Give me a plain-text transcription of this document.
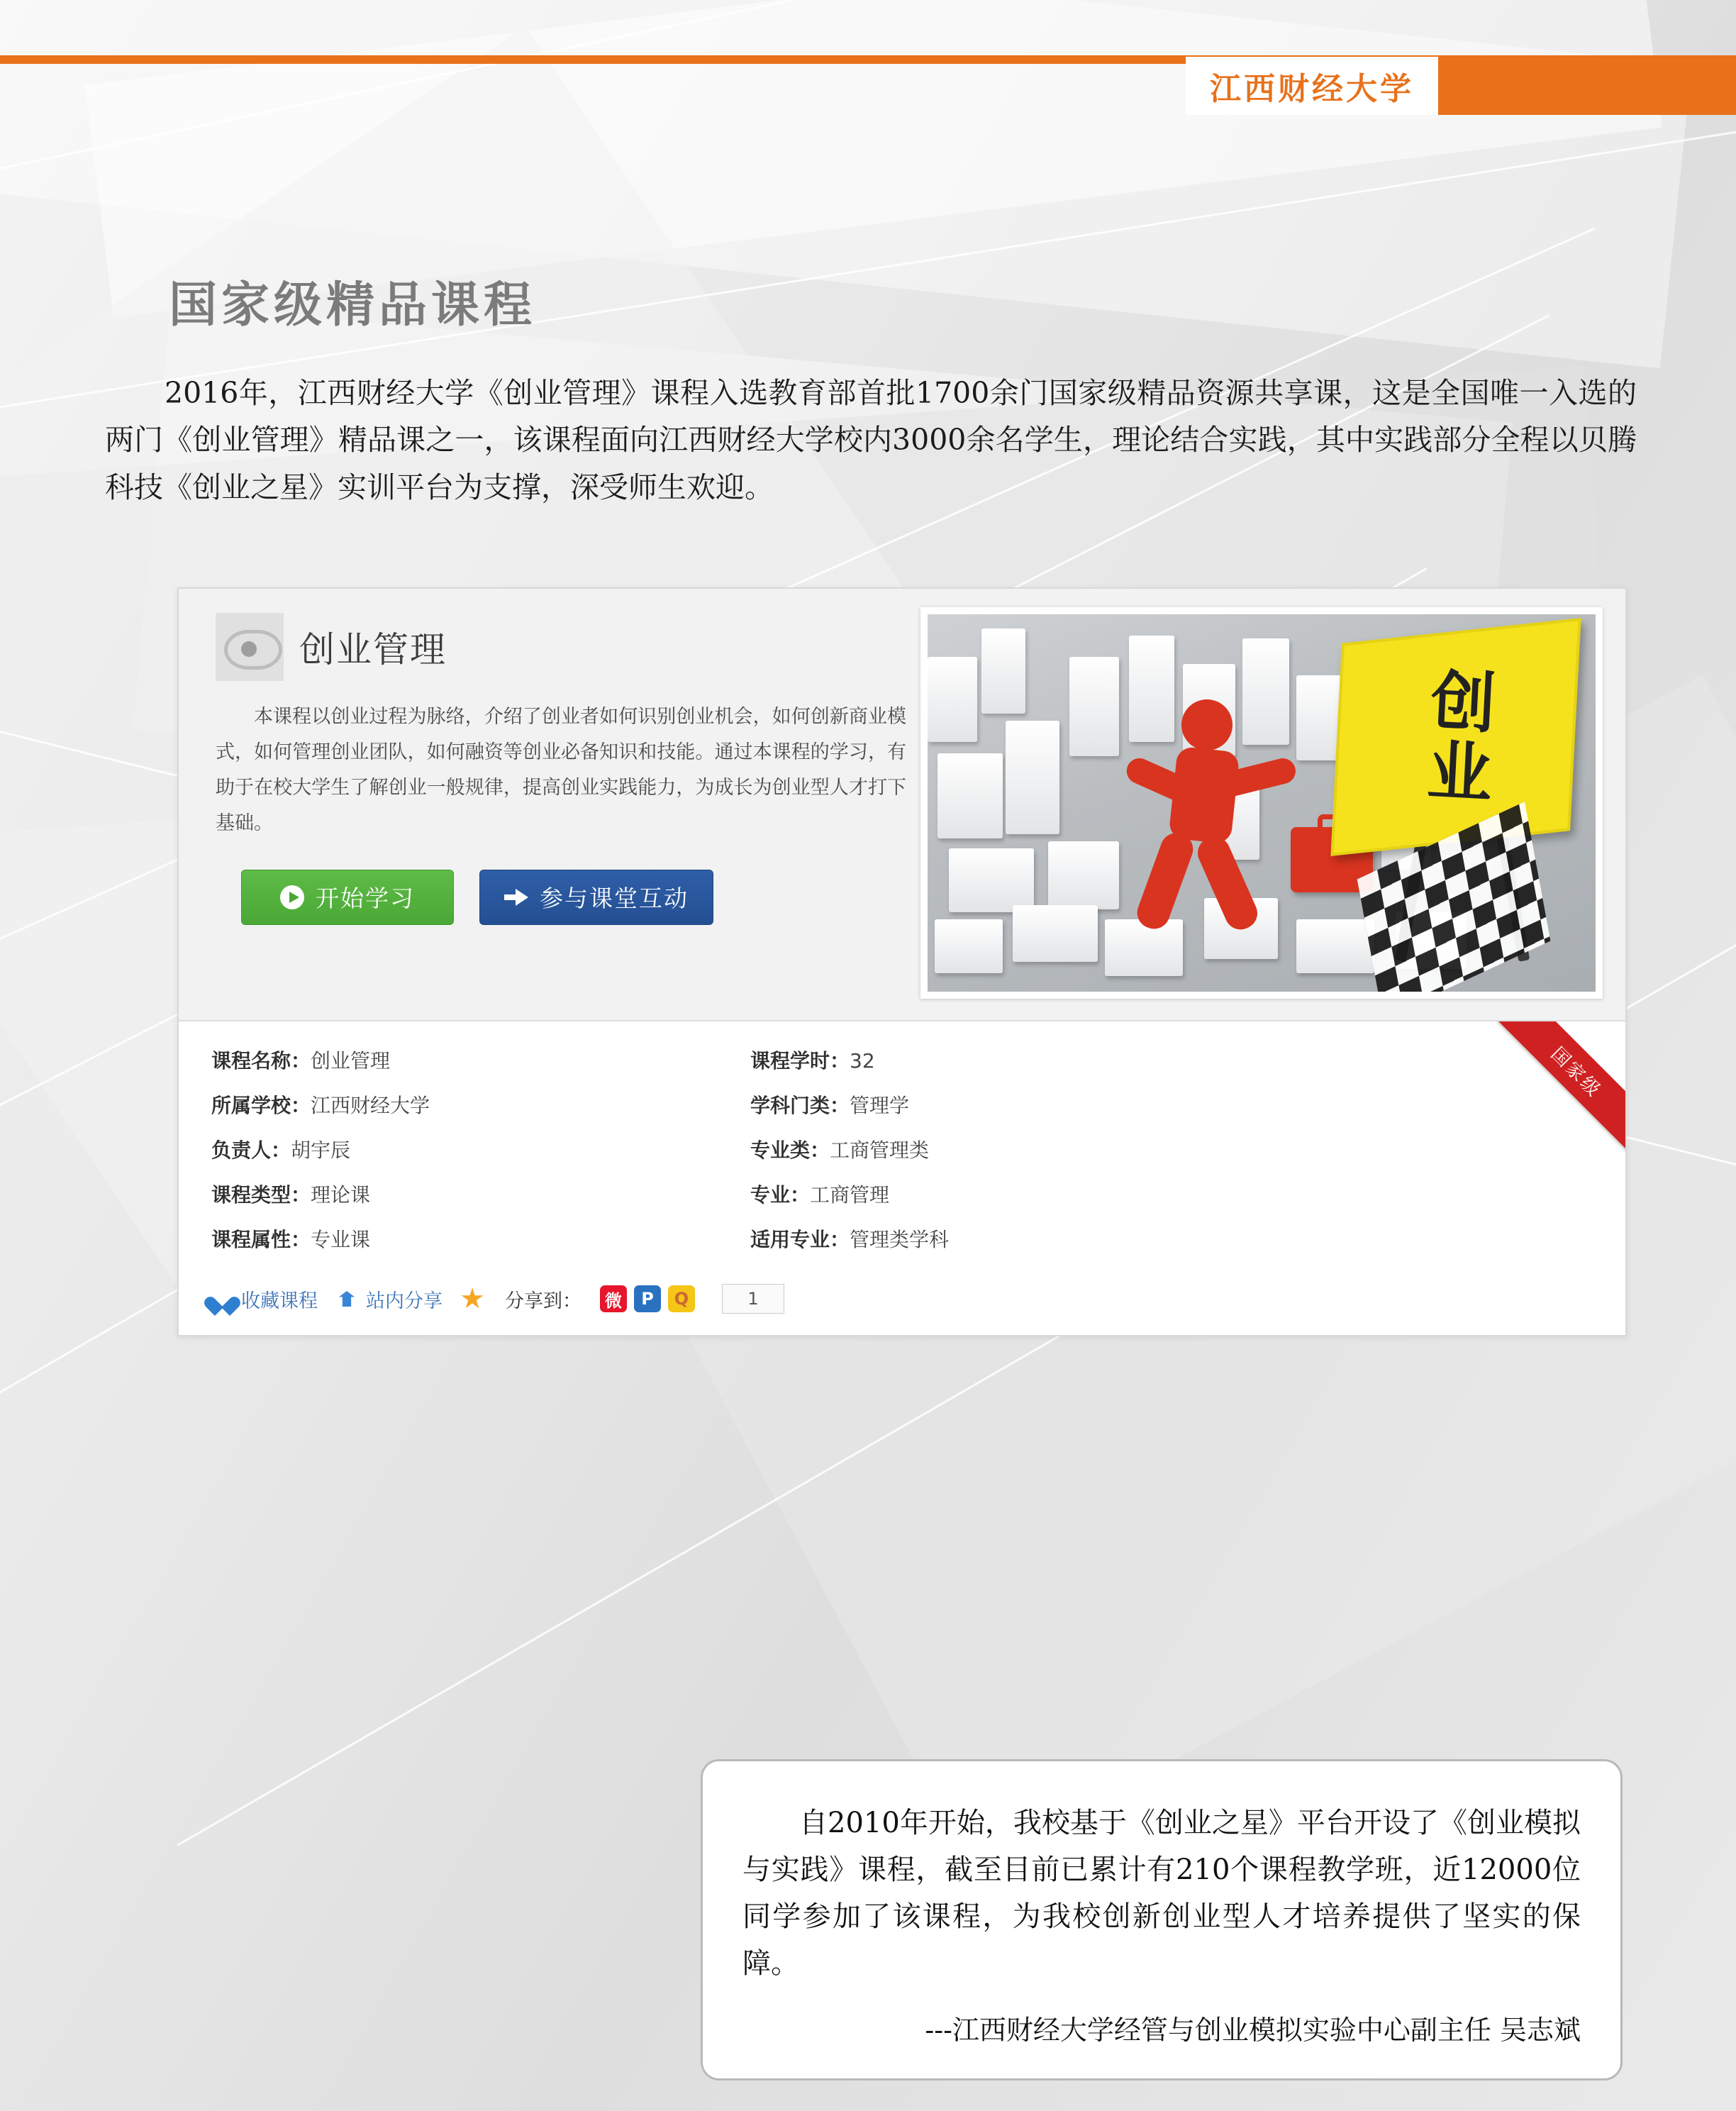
江西财经大学
国家级精品课程

2016年，江西财经大学《创业管理》课程入选教育部首批1700余门国家级精品资源共享课，这是全国唯一入选的两门《创业管理》精品课之一，该课程面向江西财经大学校内3000余名学生，理论结合实践，其中实践部分全程以贝腾科技《创业之星》实训平台为支撑，深受师生欢迎。

创业管理
本课程以创业过程为脉络，介绍了创业者如何识别创业机会，如何创新商业模式，如何管理创业团队，如何融资等创业必备知识和技能。通过本课程的学习，有助于在校大学生了解创业一般规律，提高创业实践能力，为成长为创业型人才打下基础。
开始学习	参与课堂互动
创业
国家级
课程名称：创业管理	课程学时：32
所属学校：江西财经大学	学科门类：管理学
负责人：胡宇辰	专业类：工商管理类
课程类型：理论课	专业：工商管理
课程属性：专业课	适用专业：管理类学科
收藏课程	站内分享	分享到： 微	P	Q	1
自2010年开始，我校基于《创业之星》平台开设了《创业模拟与实践》课程，截至目前已累计有210个课程教学班，近12000位同学参加了该课程，为我校创新创业型人才培养提供了坚实的保障。
---江西财经大学经管与创业模拟实验中心副主任 吴志斌
